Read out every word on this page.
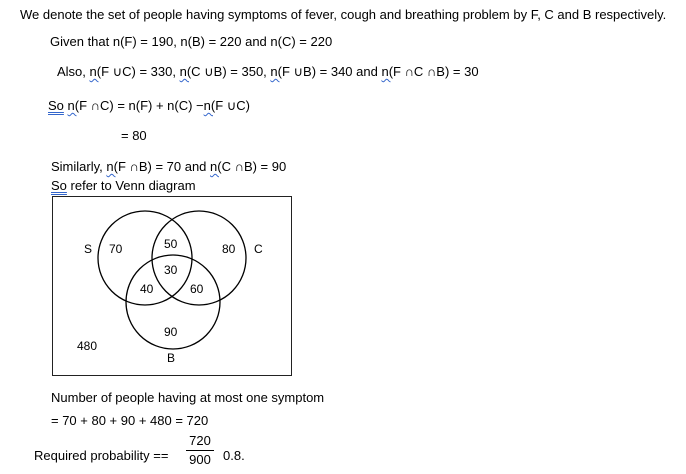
We denote the set of people having symptoms of fever, cough and breathing problem by F, C and B respectively.
Given that n(F) = 190, n(B) = 220 and n(C) = 220
Also, n(F ∪C) = 330, n(C ∪B) = 350, n(F ∪B) = 340 and n(F ∩C ∩B) = 30
So n(F ∩C) = n(F) + n(C) −n(F ∪C)
= 80
Similarly, n(F ∩B) = 70 and n(C ∩B) = 90
So refer to Venn diagram
S	C
B
70	80
50
30
40	60
90
480
Number of people having at most one symptom
= 70 + 80 + 90 + 480 = 720
Required probability ==
720
900 0.8.
